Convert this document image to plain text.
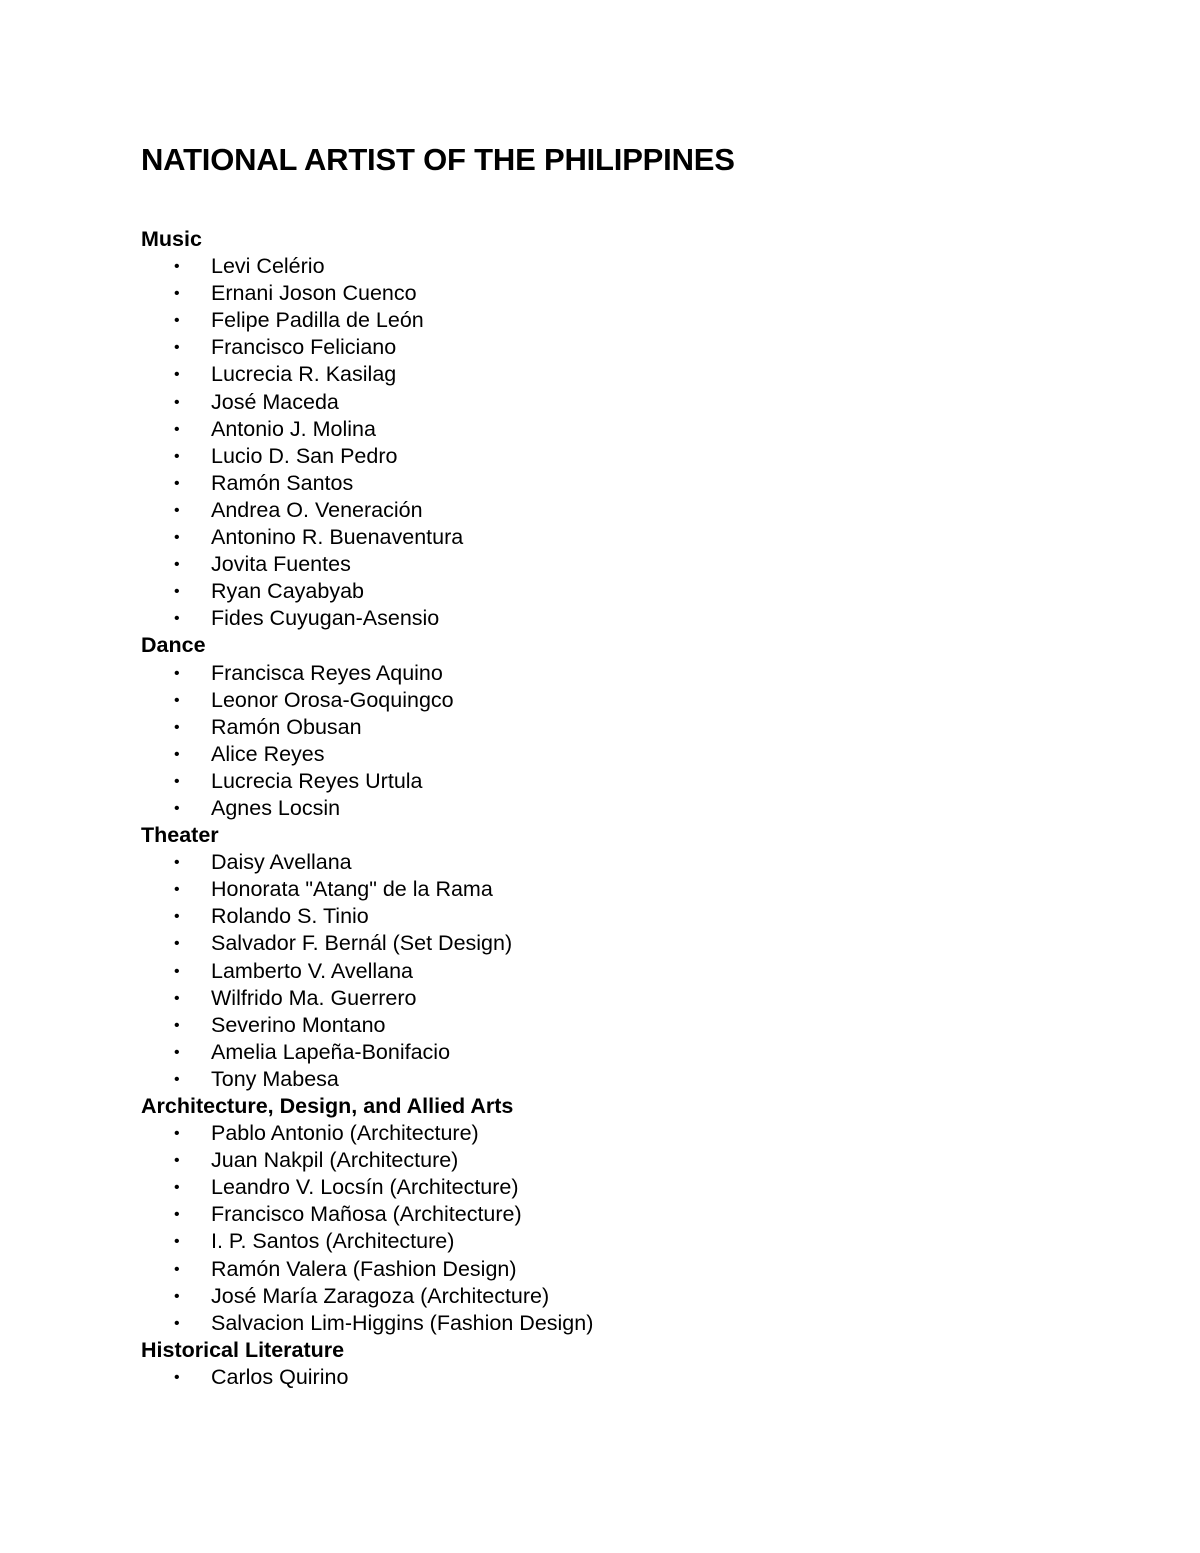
NATIONAL ARTIST OF THE PHILIPPINES
Music
• Levi Celério
• Ernani Joson Cuenco
• Felipe Padilla de León
• Francisco Feliciano
• Lucrecia R. Kasilag
• José Maceda
• Antonio J. Molina
• Lucio D. San Pedro
• Ramón Santos
• Andrea O. Veneración
• Antonino R. Buenaventura
• Jovita Fuentes
• Ryan Cayabyab
• Fides Cuyugan-Asensio
Dance
• Francisca Reyes Aquino
• Leonor Orosa-Goquingco
• Ramón Obusan
• Alice Reyes
• Lucrecia Reyes Urtula
• Agnes Locsin
Theater
• Daisy Avellana
• Honorata "Atang" de la Rama
• Rolando S. Tinio
• Salvador F. Bernál (Set Design)
• Lamberto V. Avellana
• Wilfrido Ma. Guerrero
• Severino Montano
• Amelia Lapeña-Bonifacio
• Tony Mabesa
Architecture, Design, and Allied Arts
• Pablo Antonio (Architecture)
• Juan Nakpil (Architecture)
• Leandro V. Locsín (Architecture)
• Francisco Mañosa (Architecture)
• I. P. Santos (Architecture)
• Ramón Valera (Fashion Design)
• José María Zaragoza (Architecture)
• Salvacion Lim-Higgins (Fashion Design)
Historical Literature
• Carlos Quirino
